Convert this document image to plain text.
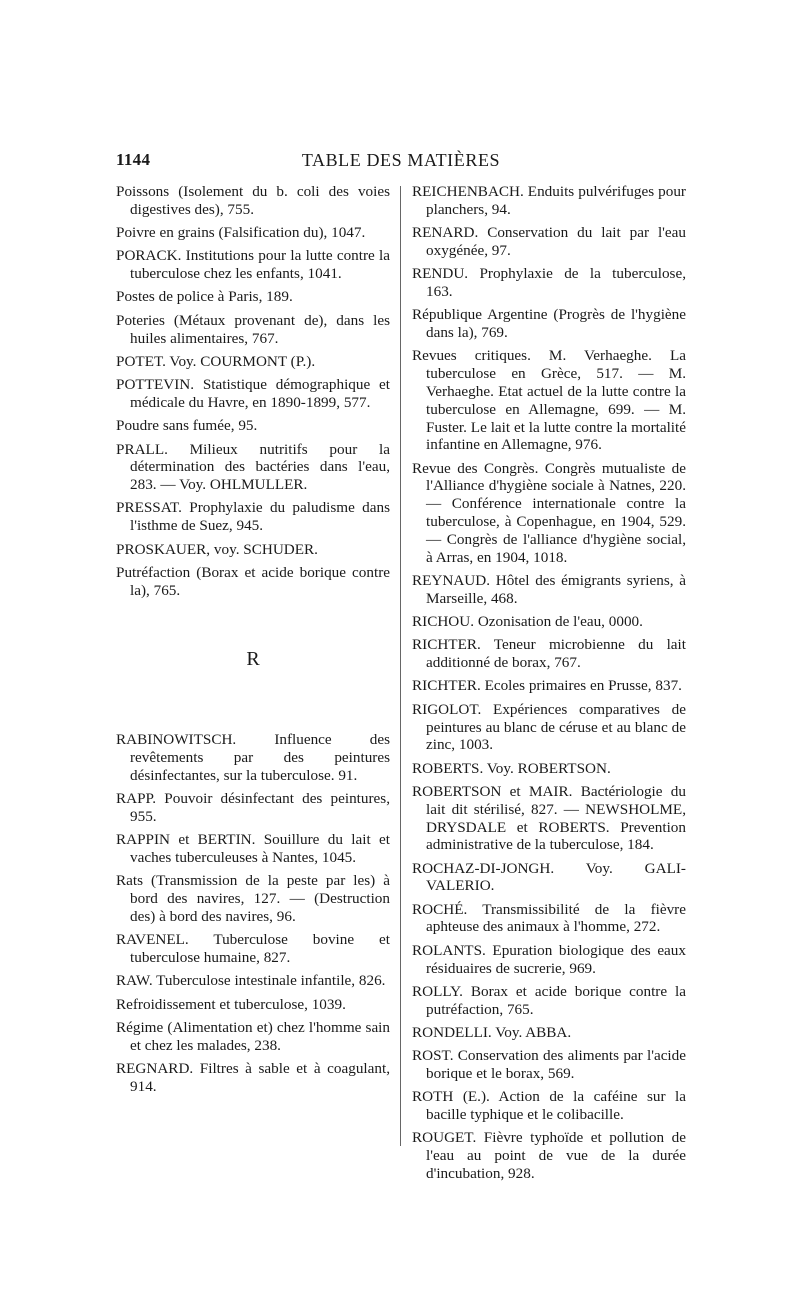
1144	TABLE DES MATIÈRES

Poissons (Isolement du b. coli des voies digestives des), 755.

Poivre en grains (Falsification du), 1047.

PORACK. Institutions pour la lutte contre la tuberculose chez les enfants, 1041.

Postes de police à Paris, 189.

Poteries (Métaux provenant de), dans les huiles alimentaires, 767.

POTET. Voy. COURMONT (P.).

POTTEVIN. Statistique démographique et médicale du Havre, en 1890-1899, 577.

Poudre sans fumée, 95.

PRALL. Milieux nutritifs pour la détermination des bactéries dans l'eau, 283. — Voy. OHLMULLER.

PRESSAT. Prophylaxie du paludisme dans l'isthme de Suez, 945.

PROSKAUER, voy. SCHUDER.

Putréfaction (Borax et acide borique contre la), 765.

R

RABINOWITSCH. Influence des revêtements par des peintures désinfectantes, sur la tuberculose. 91.

RAPP. Pouvoir désinfectant des peintures, 955.

RAPPIN et BERTIN. Souillure du lait et vaches tuberculeuses à Nantes, 1045.

Rats (Transmission de la peste par les) à bord des navires, 127. — (Destruction des) à bord des navires, 96.

RAVENEL. Tuberculose bovine et tuberculose humaine, 827.

RAW. Tuberculose intestinale infantile, 826.

Refroidissement et tuberculose, 1039.

Régime (Alimentation et) chez l'homme sain et chez les malades, 238.

REGNARD. Filtres à sable et à coagulant, 914.

REICHENBACH. Enduits pulvérifuges pour planchers, 94.

RENARD. Conservation du lait par l'eau oxygénée, 97.

RENDU. Prophylaxie de la tuberculose, 163.

République Argentine (Progrès de l'hygiène dans la), 769.

Revues critiques. M. Verhaeghe. La tuberculose en Grèce, 517. — M. Verhaeghe. Etat actuel de la lutte contre la tuberculose en Allemagne, 699. — M. Fuster. Le lait et la lutte contre la mortalité infantine en Allemagne, 976.

Revue des Congrès. Congrès mutualiste de l'Alliance d'hygiène sociale à Natnes, 220. — Conférence internationale contre la tuberculose, à Copenhague, en 1904, 529. — Congrès de l'alliance d'hygiène social, à Arras, en 1904, 1018.

REYNAUD. Hôtel des émigrants syriens, à Marseille, 468.

RICHOU. Ozonisation de l'eau, 0000.

RICHTER. Teneur microbienne du lait additionné de borax, 767.

RICHTER. Ecoles primaires en Prusse, 837.

RIGOLOT. Expériences comparatives de peintures au blanc de céruse et au blanc de zinc, 1003.

ROBERTS. Voy. ROBERTSON.

ROBERTSON et MAIR. Bactériologie du lait dit stérilisé, 827. — NEWSHOLME, DRYSDALE et ROBERTS. Prevention administrative de la tuberculose, 184.

ROCHAZ-DI-JONGH. Voy. GALI-VALERIO.

ROCHÉ. Transmissibilité de la fièvre aphteuse des animaux à l'homme, 272.

ROLANTS. Epuration biologique des eaux résiduaires de sucrerie, 969.

ROLLY. Borax et acide borique contre la putréfaction, 765.

RONDELLI. Voy. ABBA.

ROST. Conservation des aliments par l'acide borique et le borax, 569.

ROTH (E.). Action de la caféine sur la bacille typhique et le colibacille.

ROUGET. Fièvre typhoïde et pollution de l'eau au point de vue de la durée d'incubation, 928.
